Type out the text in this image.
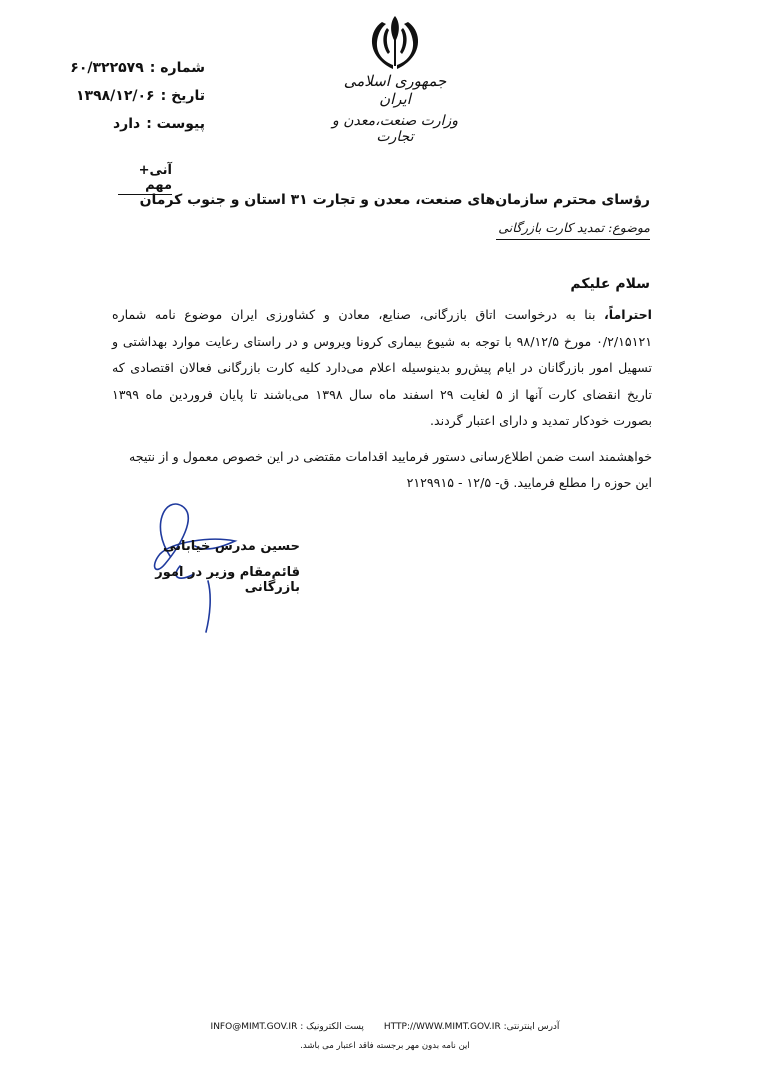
جمهوری اسلامی ایران
وزارت صنعت،معدن و تجارت
شماره :
۶۰/۳۲۲۵۷۹
تاریخ :
۱۳۹۸/۱۲/۰۶
پیوست :
دارد
آنی+ مهم
رؤسای محترم سازمان‌های صنعت، معدن و تجارت ۳۱ استان و جنوب کرمان
موضوع: تمدید کارت بازرگانی
سلام علیکم
احتراماً، بنا به درخواست اتاق بازرگانی، صنایع، معادن و کشاورزی ایران موضوع نامه شماره ۰/۲/۱۵۱۲۱ مورخ ۹۸/۱۲/۵ با توجه به شیوع بیماری کرونا ویروس و در راستای رعایت موارد بهداشتی و تسهیل امور بازرگانان در ایام پیش‌رو بدینوسیله اعلام می‌دارد کلیه کارت بازرگانی فعالان اقتصادی که تاریخ انقضای کارت آنها از ۵ لغایت ۲۹ اسفند ماه سال ۱۳۹۸ می‌باشند تا پایان فروردین ماه ۱۳۹۹ بصورت خودکار تمدید و دارای اعتبار گردند.
خواهشمند است ضمن اطلاع‌رسانی دستور فرمایید اقدامات مقتضی در این خصوص معمول و از نتیجه این حوزه را مطلع فرمایید. ق- ۱۲/۵ - ۲۱۲۹۹۱۵
حسین مدرس خیابانی
قائم‌مقام وزیر در امور بازرگانی
INFO@MIMT.GOV.IR پست الکترونیک : HTTP://WWW.MIMT.GOV.IR آدرس اینترنتی:
این نامه بدون مهر برجسته فاقد اعتبار می باشد.
